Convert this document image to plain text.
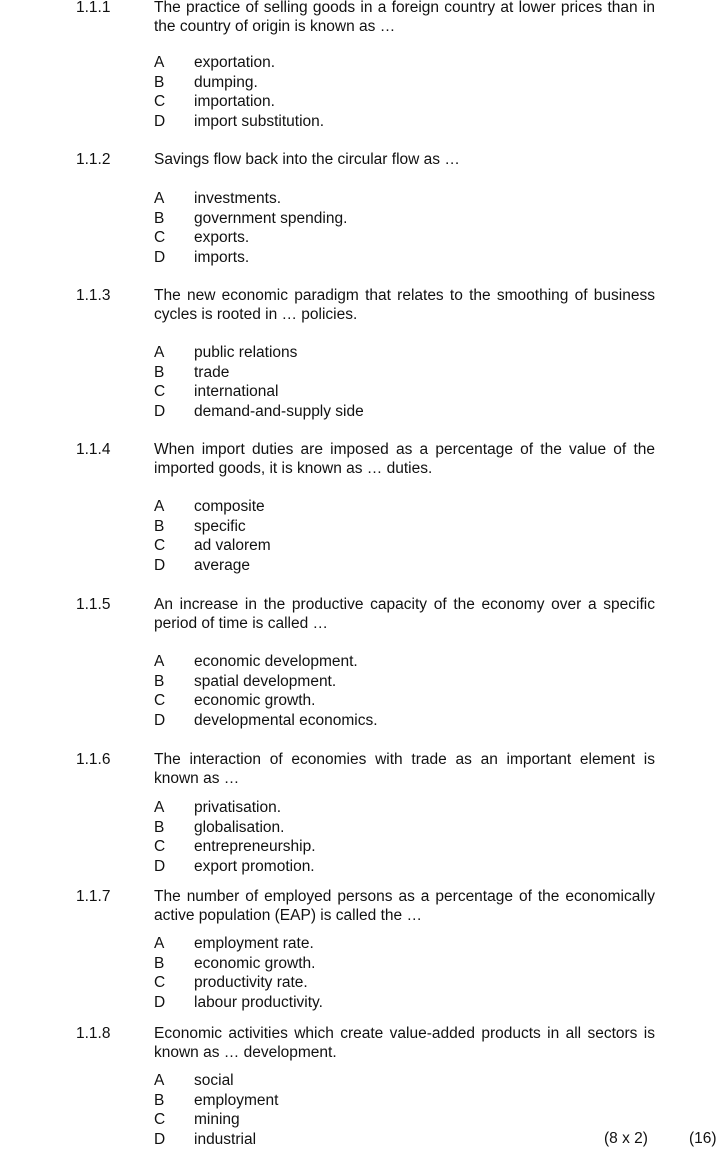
1.1.1	The practice of selling goods in a foreign country at lower prices than in the country of origin is known as …
A exportation.
B dumping.
C importation.
D import substitution.
1.1.2	Savings flow back into the circular flow as …
A investments.
B government spending.
C exports.
D imports.
1.1.3	The new economic paradigm that relates to the smoothing of business cycles is rooted in … policies.
A public relations
B trade
C international
D demand-and-supply side
1.1.4	When import duties are imposed as a percentage of the value of the imported goods, it is known as … duties.
A composite
B specific
C ad valorem
D average
1.1.5	An increase in the productive capacity of the economy over a specific period of time is called …
A economic development.
B spatial development.
C economic growth.
D developmental economics.
1.1.6	The interaction of economies with trade as an important element is known as …
A privatisation.
B globalisation.
C entrepreneurship.
D export promotion.
1.1.7	The number of employed persons as a percentage of the economically active population (EAP) is called the …
A employment rate.
B economic growth.
C productivity rate.
D labour productivity.
1.1.8	Economic activities which create value-added products in all sectors is known as … development.
A social
B employment
C mining
D industrial	(8 x 2)	(16)
